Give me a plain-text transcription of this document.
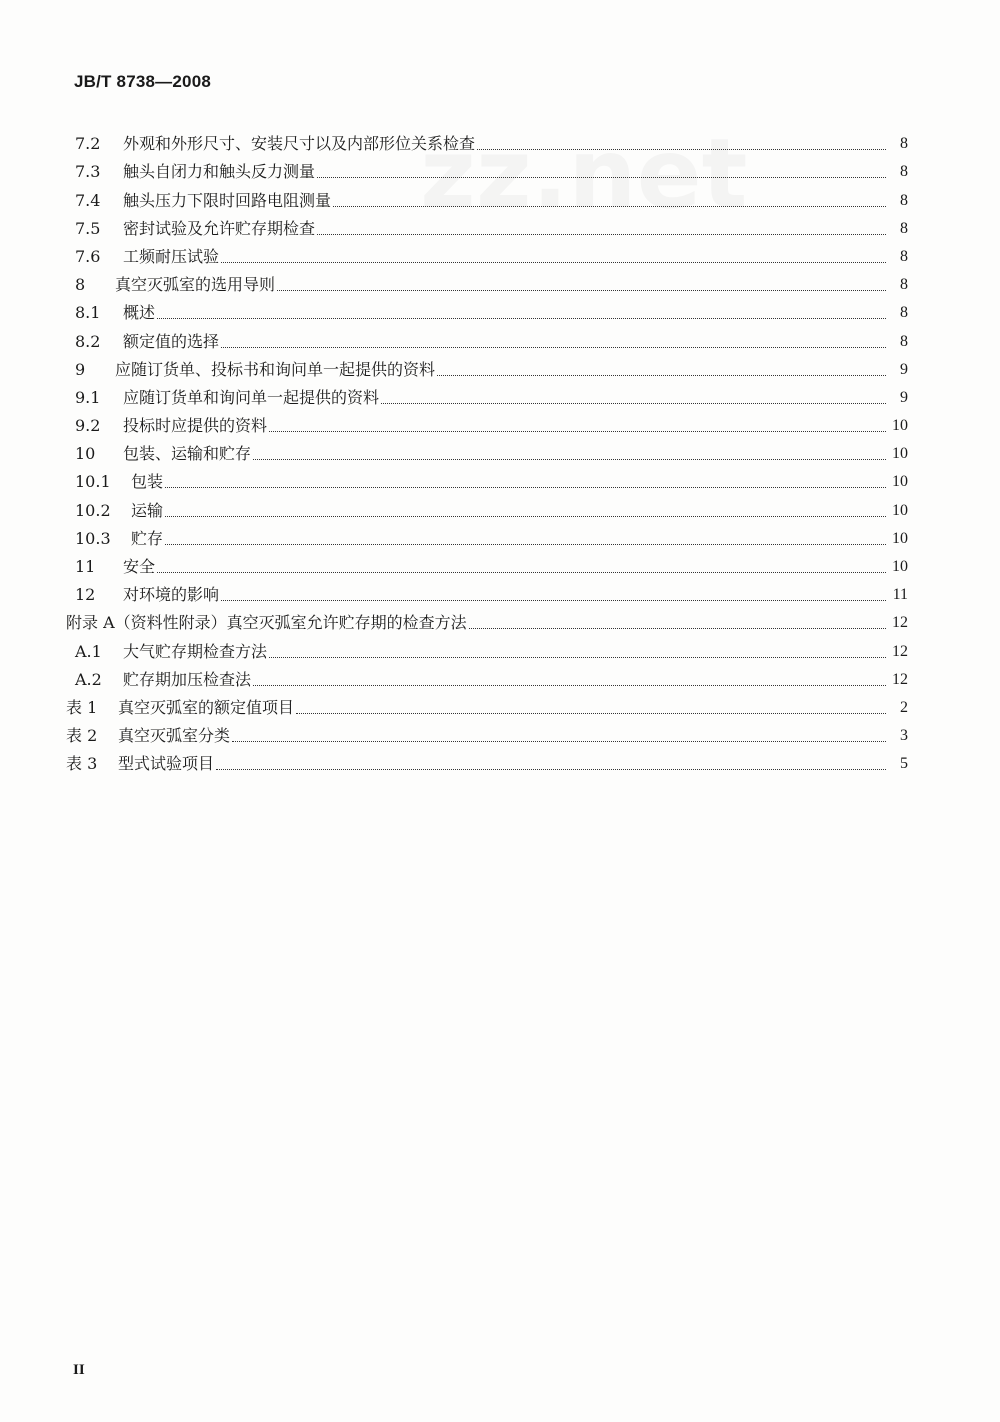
JB/T 8738—2008
7.2	外观和外形尺寸、安装尺寸以及内部形位关系检查	8
7.3	触头自闭力和触头反力测量	8
7.4	触头压力下限时回路电阻测量	8
7.5	密封试验及允许贮存期检查	8
7.6	工频耐压试验	8
8	真空灭弧室的选用导则	8
8.1	概述	8
8.2	额定值的选择	8
9	应随订货单、投标书和询问单一起提供的资料	9
9.1	应随订货单和询问单一起提供的资料	9
9.2	投标时应提供的资料	10
10	包装、运输和贮存	10
10.1	包装	10
10.2	运输	10
10.3	贮存	10
11	安全	10
12	对环境的影响	11
附录 A （资料性附录）真空灭弧室允许贮存期的检查方法	12
A.1	大气贮存期检查方法	12
A.2	贮存期加压检查法	12
表 1	真空灭弧室的额定值项目	2
表 2	真空灭弧室分类	3
表 3	型式试验项目	5
II
